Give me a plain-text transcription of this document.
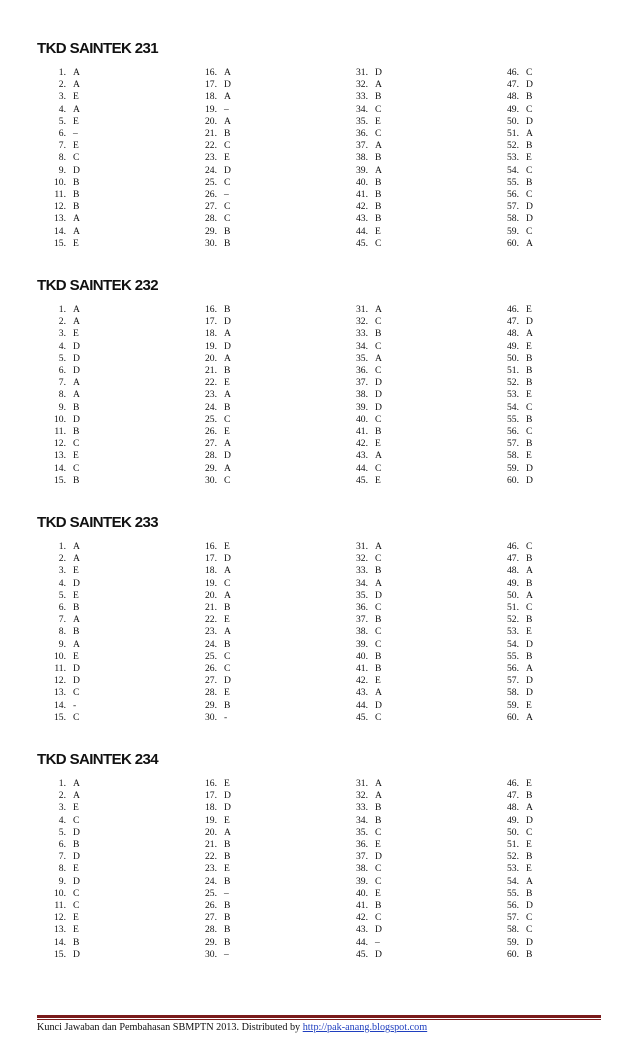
TKD SAINTEK 231
1. A
2. A
3. E
4. A
5. E
6. –
7. E
8. C
9. D
10. B
11. B
12. B
13. A
14. A
15. E
16. A
17. D
18. A
19. –
20. A
21. B
22. C
23. E
24. D
25. C
26. –
27. C
28. C
29. B
30. B
31. D
32. A
33. B
34. C
35. E
36. C
37. A
38. B
39. A
40. B
41. B
42. B
43. B
44. E
45. C
46. C
47. D
48. B
49. C
50. D
51. A
52. B
53. E
54. C
55. B
56. C
57. D
58. D
59. C
60. A
TKD SAINTEK 232
1. A
2. A
3. E
4. D
5. D
6. D
7. A
8. A
9. B
10. D
11. B
12. C
13. E
14. C
15. B
16. B
17. D
18. A
19. D
20. A
21. B
22. E
23. A
24. B
25. C
26. E
27. A
28. D
29. A
30. C
31. A
32. C
33. B
34. C
35. A
36. C
37. D
38. D
39. D
40. C
41. B
42. E
43. A
44. C
45. E
46. E
47. D
48. A
49. E
50. B
51. B
52. B
53. E
54. C
55. B
56. C
57. B
58. E
59. D
60. D
TKD SAINTEK 233
1. A
2. A
3. E
4. D
5. E
6. B
7. A
8. B
9. A
10. E
11. D
12. D
13. C
14. -
15. C
16. E
17. D
18. A
19. C
20. A
21. B
22. E
23. A
24. B
25. C
26. C
27. D
28. E
29. B
30. -
31. A
32. C
33. B
34. A
35. D
36. C
37. B
38. C
39. C
40. B
41. B
42. E
43. A
44. D
45. C
46. C
47. B
48. A
49. B
50. A
51. C
52. B
53. E
54. D
55. B
56. A
57. D
58. D
59. E
60. A
TKD SAINTEK 234
1. A
2. A
3. E
4. C
5. D
6. B
7. D
8. E
9. D
10. C
11. C
12. E
13. E
14. B
15. D
16. E
17. D
18. D
19. E
20. A
21. B
22. B
23. E
24. B
25. –
26. B
27. B
28. B
29. B
30. –
31. A
32. A
33. B
34. B
35. C
36. E
37. D
38. C
39. C
40. E
41. B
42. C
43. D
44. –
45. D
46. E
47. B
48. A
49. D
50. C
51. E
52. B
53. E
54. A
55. B
56. D
57. C
58. C
59. D
60. B
Kunci Jawaban dan Pembahasan SBMPTN 2013. Distributed by http://pak-anang.blogspot.com
